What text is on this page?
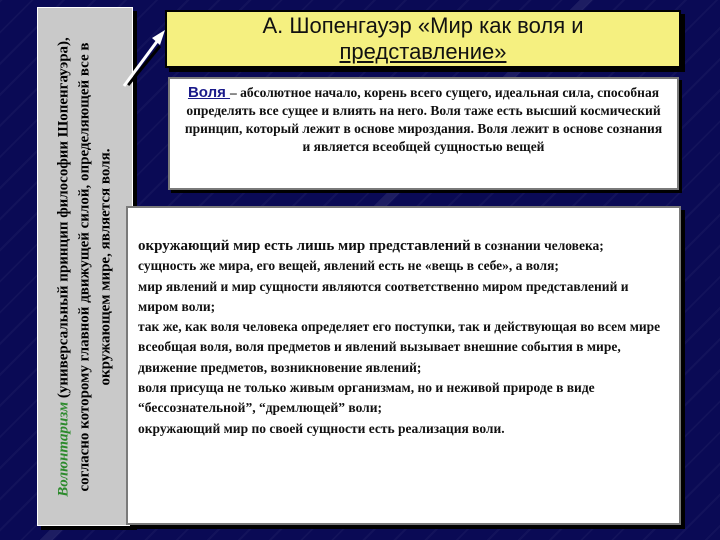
Волюнтаризм (универсальный принцип философии Шопенгауэра), согласно которому главной движущей силой, определяющей все в окружающем мире, является воля.
А. Шопенгауэр «Мир как воля и
представление»
Воля – абсолютное начало, корень всего сущего, идеальная сила, способная определять все сущее и влиять на него. Воля таже есть высший космический принцип, который лежит в основе мироздания. Воля лежит в основе сознания и является всеобщей сущностью вещей
окружающий мир есть лишь мир представлений в сознании человека;
сущность же мира, его вещей, явлений есть не «вещь в себе», а воля;
мир явлений и мир сущности являются соответственно миром представлений и миром воли;
так же, как воля человека определяет его поступки, так и действующая во всем мире всеобщая воля, воля предметов и явлений вызывает внешние события в мире, движение предметов, возникновение явлений;
воля присуща не только живым организмам, но и неживой природе в виде “бессознательной”, “дремлющей” воли;
окружающий мир по своей сущности есть реализация воли.
